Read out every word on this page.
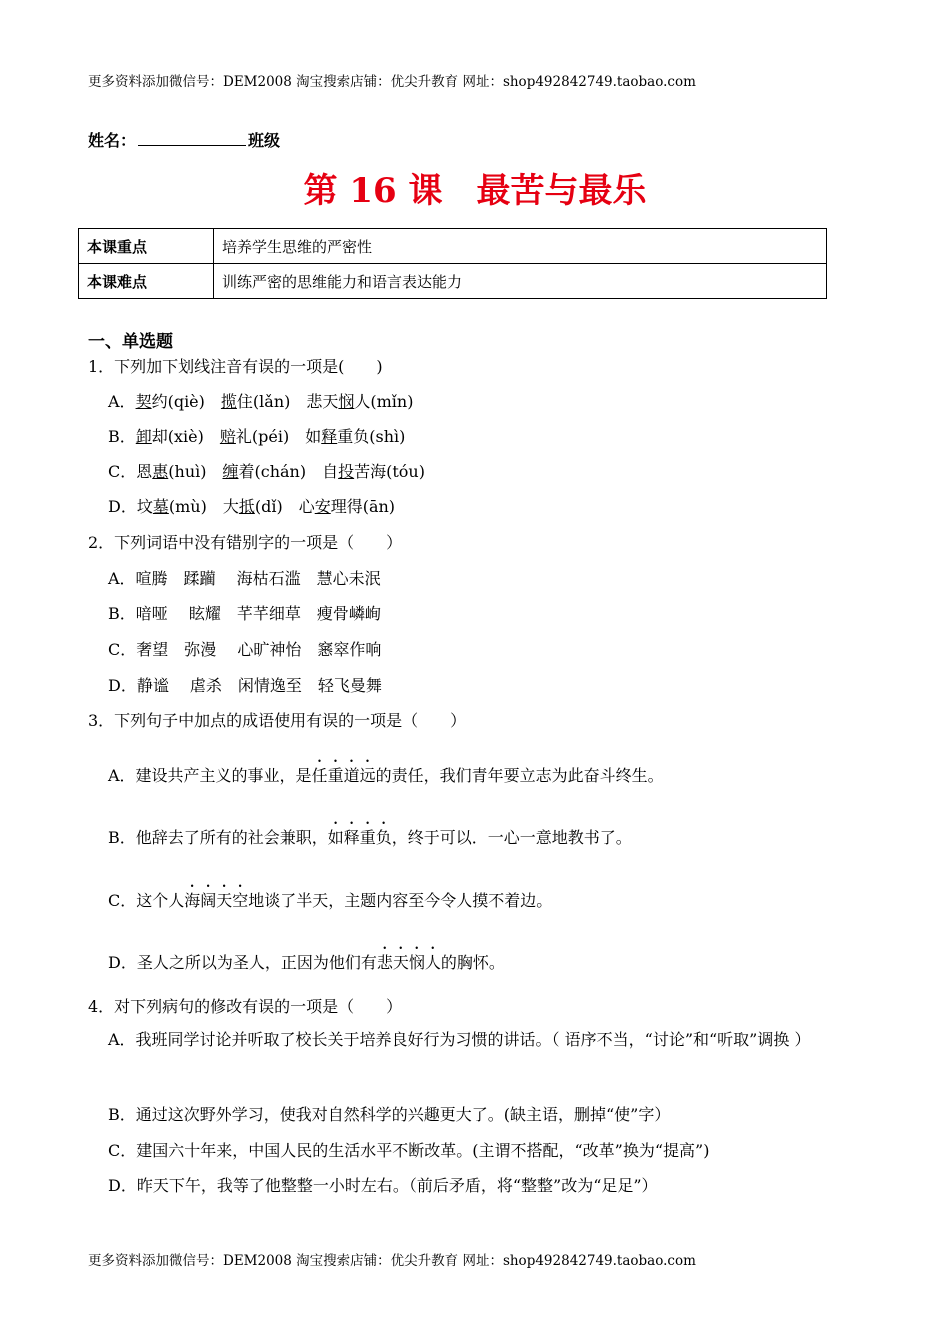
更多资料添加微信号：DEM2008 淘宝搜索店铺：优尖升教育 网址：shop492842749.taobao.com
姓名：	班级
第 16 课　最苦与最乐
本课重点	培养学生思维的严密性
本课难点	训练严密的思维能力和语言表达能力
一、单选题
1．下列加下划线注音有误的一项是(　　)
A．契约(qiè)　揽住(lǎn)　悲天悯人(mǐn)
B．卸却(xiè)　赔礼(péi)　如释重负(shì)
C．恩惠(huì)　缠着(chán)　自投苦海(tóu)
D．坟墓(mù)　大抵(dǐ)　心安理得(ān)
2．下列词语中没有错别字的一项是（　　）
A．喧腾　蹂躏　 海枯石滥　慧心未泯
B．喑哑　 眩耀　芊芊细草　瘦骨嶙峋
C．奢望　弥漫　 心旷神怡　窸窣作响
D．静谧　 虐杀　闲情逸至　轻飞曼舞
3．下列句子中加点的成语使用有误的一项是（　　）
A．建设共产主义的事业，是任重道远的责任，我们青年要立志为此奋斗终生。
B．他辞去了所有的社会兼职，如释重负，终于可以．一心一意地教书了。
C．这个人海阔天空地谈了半天，主题内容至今令人摸不着边。
D．圣人之所以为圣人，正因为他们有悲天悯人的胸怀。
4．对下列病句的修改有误的一项是（　　）
A．我班同学讨论并听取了校长关于培养良好行为习惯的讲话。（ 语序不当，“讨论”和“听取”调换 ）
B．通过这次野外学习，使我对自然科学的兴趣更大了。(缺主语，删掉“使”字）
C．建国六十年来，中国人民的生活水平不断改革。(主谓不搭配，“改革”换为“提高”)
D．昨天下午，我等了他整整一小时左右。（前后矛盾，将“整整”改为“足足”）
更多资料添加微信号：DEM2008 淘宝搜索店铺：优尖升教育 网址：shop492842749.taobao.com
